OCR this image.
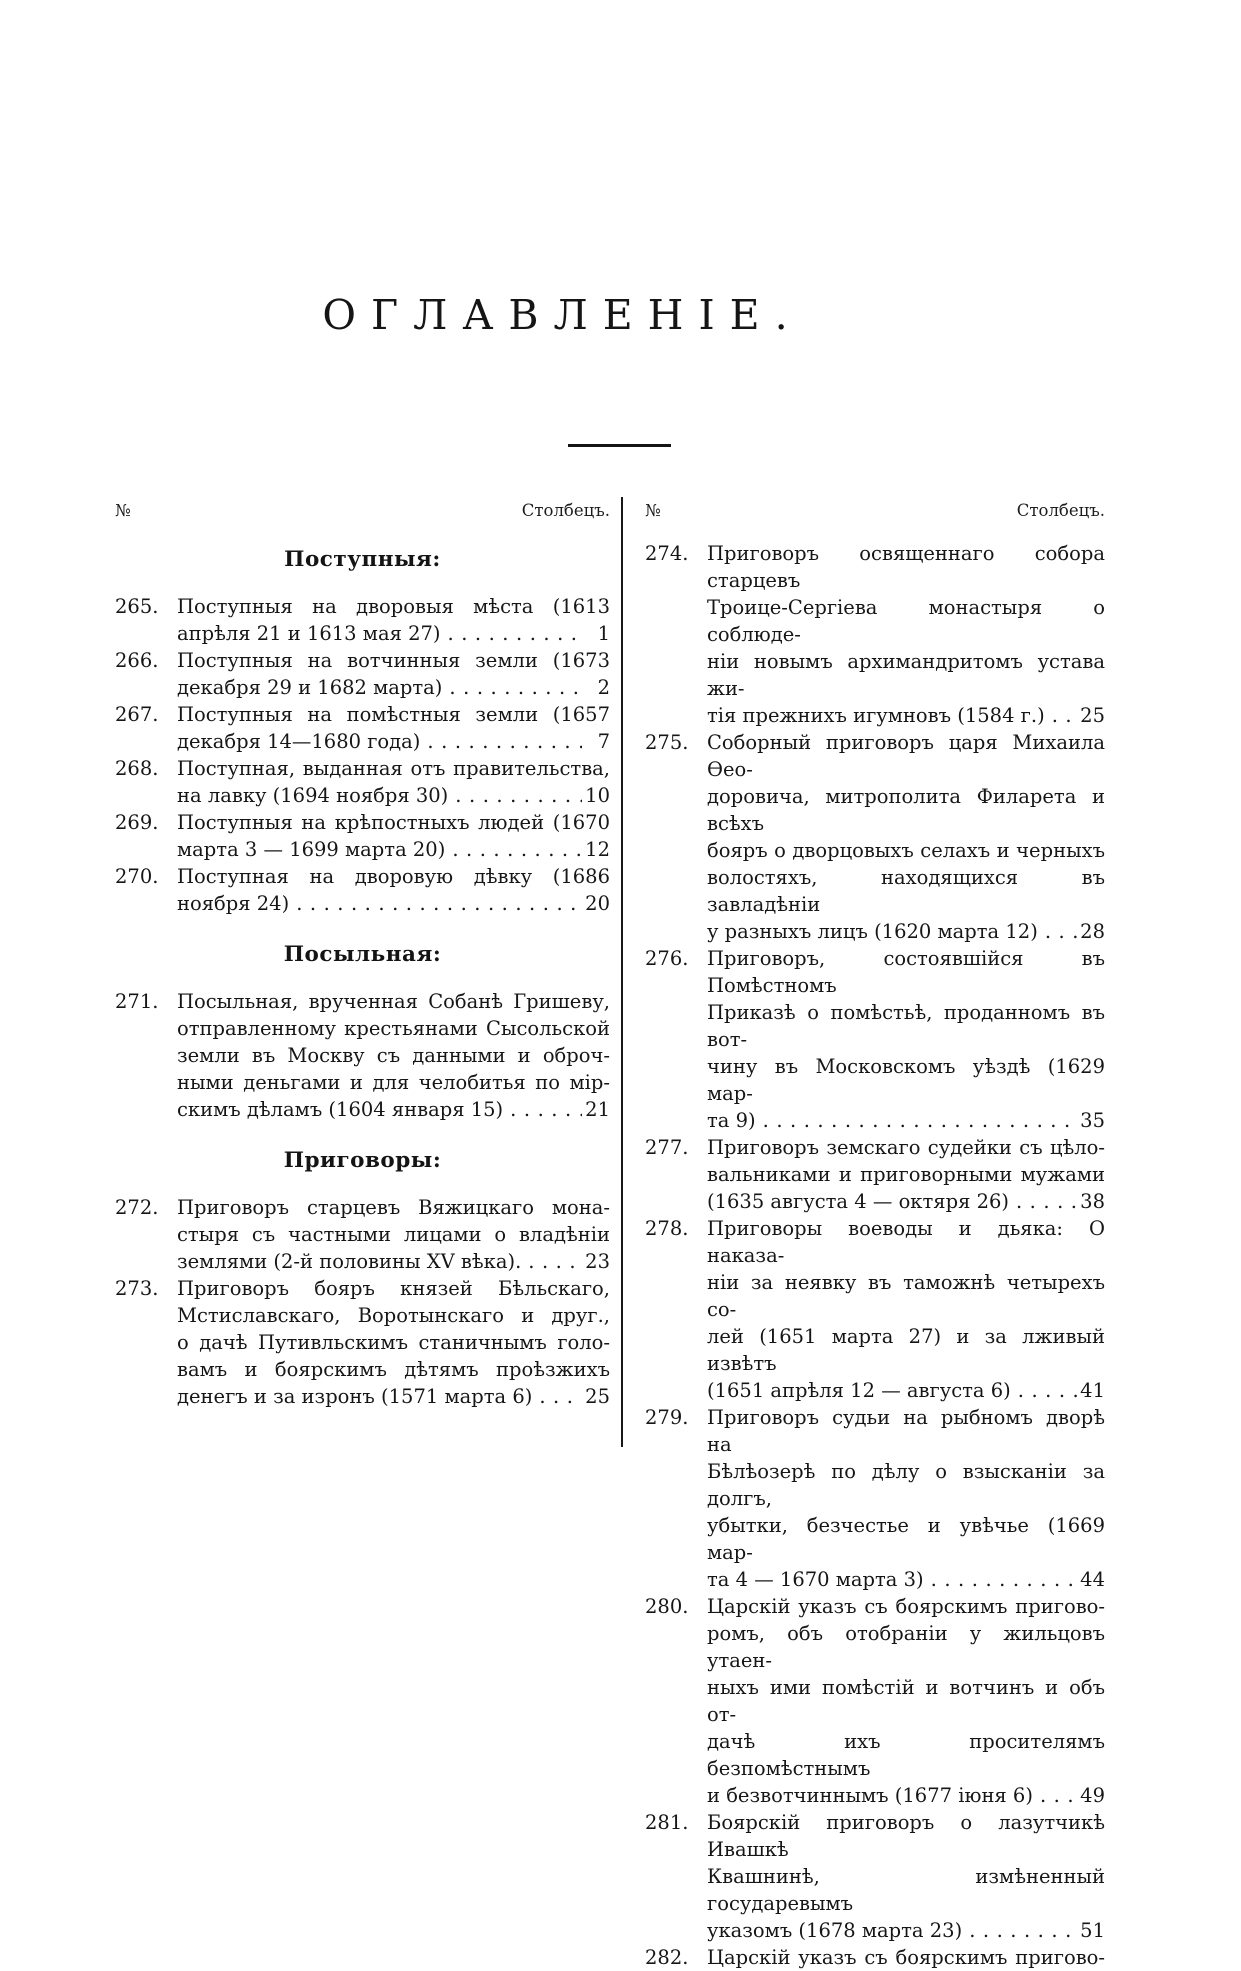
ОГЛАВЛЕНІЕ.
№	Столбецъ.
Поступныя:
265. Поступныя на дворовыя мѣста (1613
апрѣля 21 и 1613 мая 27) .....	1
266. Поступныя на вотчинныя земли (1673
декабря 29 и 1682 марта) .....	2
267. Поступныя на помѣстныя земли (1657
декабря 14—1680 года) .....	7
268. Поступная, выданная отъ правительства,
на лавку (1694 ноября 30) .....	10
269. Поступныя на крѣпостныхъ людей (1670
марта 3 — 1699 марта 20) .....	12
270. Поступная на дворовую дѣвку (1686
ноября 24) .....	20
Посыльная:
271. Посыльная, врученная Собанѣ Гришеву,
отправленному крестьянами Сысольской
земли въ Москву съ данными и оброч-
ными деньгами и для челобитья по мір-
скимъ дѣламъ (1604 января 15) .....	21
Приговоры:
272. Приговоръ старцевъ Вяжицкаго мона-
стыря съ частными лицами о владѣніи
землями (2-й половины XV вѣка). .....	23
273. Приговоръ бояръ князей Бѣльскаго,
Мстиславскаго, Воротынскаго и друг.,
о дачѣ Путивльскимъ станичнымъ голо-
вамъ и боярскимъ дѣтямъ проѣзжихъ
денегъ и за изронъ (1571 марта 6) .....	25
№	Столбецъ.
274. Приговоръ освященнаго собора старцевъ
Троице-Сергіева монастыря о соблюде-
ніи новымъ архимандритомъ устава жи-
тія прежнихъ игумновъ (1584 г.) ..... 25
275. Соборный приговоръ царя Михаила Ѳео-
доровича, митрополита Филарета и всѣхъ
бояръ о дворцовыхъ селахъ и черныхъ
волостяхъ, находящихся въ завладѣніи
у разныхъ лицъ (1620 марта 12) ..... 28
276. Приговоръ, состоявшійся въ Помѣстномъ
Приказѣ о помѣстьѣ, проданномъ въ вот-
чину въ Московскомъ уѣздѣ (1629 мар-
та 9) .....	35
277. Приговоръ земскаго судейки съ цѣло-
вальниками и приговорными мужами
(1635 августа 4 — октяря 26) .....	38
278. Приговоры воеводы и дьяка: О наказа-
ніи за неявку въ таможнѣ четырехъ со-
лей (1651 марта 27) и за лживый извѣтъ
(1651 апрѣля 12 — августа 6) .....	41
279. Приговоръ судьи на рыбномъ дворѣ на
Бѣлѣозерѣ по дѣлу о взысканіи за долгъ,
убытки, безчестье и увѣчье (1669 мар-
та 4 — 1670 марта 3) .....	44
280. Царскій указъ съ боярскимъ пригово-
ромъ, объ отобраніи у жильцовъ утаен-
ныхъ ими помѣстій и вотчинъ и объ от-
дачѣ ихъ просителямъ безпомѣстнымъ
и безвотчиннымъ (1677 іюня 6) ..... 49
281. Боярскій приговоръ о лазутчикѣ Ивашкѣ
Квашнинѣ, измѣненный государевымъ
указомъ (1678 марта 23) .....	51
282. Царскій указъ съ боярскимъ пригово-
